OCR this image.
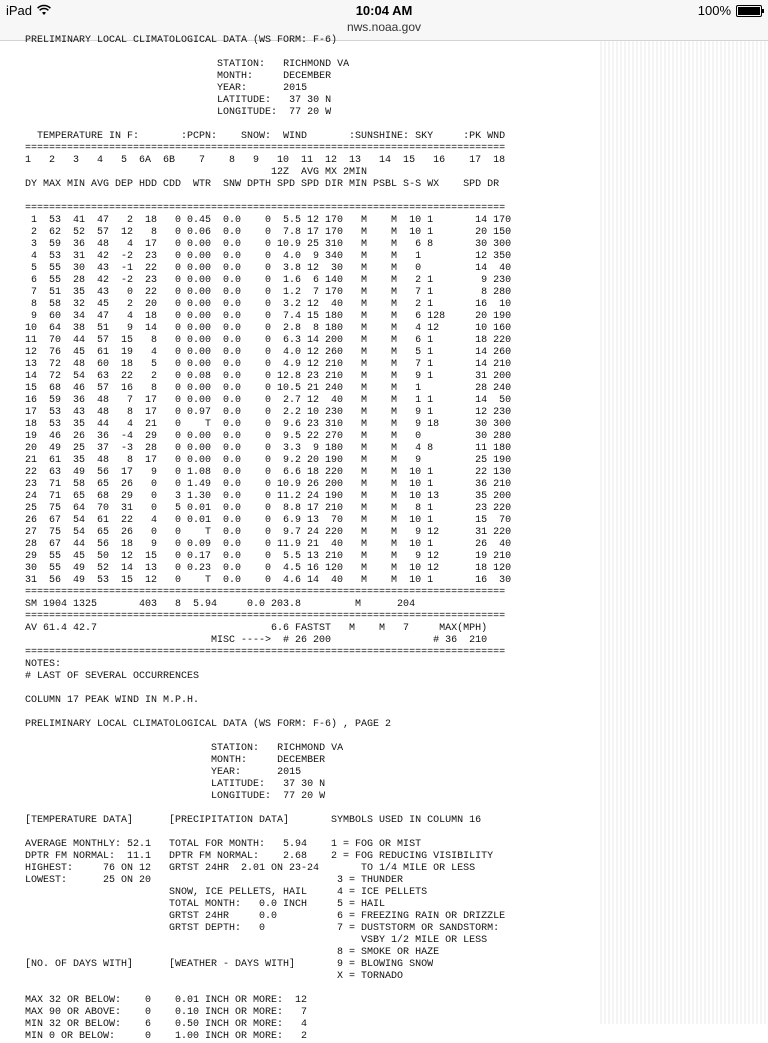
iPad	10:04 AM	100%
nws.noaa.gov
PRELIMINARY LOCAL CLIMATOLOGICAL DATA (WS FORM: F-6)

STATION: RICHMOND VA
MONTH:	DECEMBER
YEAR:	2015
LATITUDE: 37 30 N
LONGITUDE: 77 20 W

TEMPERATURE IN F:       :PCPN:    SNOW:  WIND       :SUNSHINE: SKY     :PK WND
================================================================================
1   2   3   4   5  6A  6B    7    8   9   10  11  12  13   14  15   16    17  18
12Z  AVG MX 2MIN
DY MAX MIN AVG DEP HDD CDD  WTR  SNW DPTH SPD SPD DIR MIN PSBL S-S WX    SPD DR

================================================================================
1  53  41  47   2  18   0 0.45  0.0    0  5.5 12 170   M    M  10 1       14 170
2  62  52  57  12   8   0 0.06  0.0    0  7.8 17 170   M    M  10 1       20 150
3  59  36  48   4  17   0 0.00  0.0    0 10.9 25 310   M    M   6 8       30 300
4  53  31  42  -2  23   0 0.00  0.0    0  4.0  9 340   M    M   1         12 350
5  55  30  43  -1  22   0 0.00  0.0    0  3.8 12  30   M    M   0         14  40
6  55  28  42  -2  23   0 0.00  0.0    0  1.6  6 140   M    M   2 1        9 230
7  51  35  43   0  22   0 0.00  0.0    0  1.2  7 170   M    M   7 1        8 280
8  58  32  45   2  20   0 0.00  0.0    0  3.2 12  40   M    M   2 1       16  10
9  60  34  47   4  18   0 0.00  0.0    0  7.4 15 180   M    M   6 128     20 190
10  64  38  51   9  14   0 0.00  0.0    0  2.8  8 180   M    M   4 12      10 160
11  70  44  57  15   8   0 0.00  0.0    0  6.3 14 200   M    M   6 1       18 220
12  76  45  61  19   4   0 0.00  0.0    0  4.0 12 260   M    M   5 1       14 260
13  72  48  60  18   5   0 0.00  0.0    0  4.9 12 210   M    M   7 1       14 210
14  72  54  63  22   2   0 0.08  0.0    0 12.8 23 210   M    M   9 1       31 200
15  68  46  57  16   8   0 0.00  0.0    0 10.5 21 240   M    M   1         28 240
16  59  36  48   7  17   0 0.00  0.0    0  2.7 12  40   M    M   1 1       14  50
17  53  43  48   8  17   0 0.97  0.0    0  2.2 10 230   M    M   9 1       12 230
18  53  35  44   4  21   0    T  0.0    0  9.6 23 310   M    M   9 18      30 300
19  46  26  36  -4  29   0 0.00  0.0    0  9.5 22 270   M    M   0         30 280
20  49  25  37  -3  28   0 0.00  0.0    0  3.3  9 180   M    M   4 8       11 180
21  61  35  48   8  17   0 0.00  0.0    0  9.2 20 190   M    M   9         25 190
22  63  49  56  17   9   0 1.08  0.0    0  6.6 18 220   M    M  10 1       22 130
23  71  58  65  26   0   0 1.49  0.0    0 10.9 26 200   M    M  10 1       36 210
24  71  65  68  29   0   3 1.30  0.0    0 11.2 24 190   M    M  10 13      35 200
25  75  64  70  31   0   5 0.01  0.0    0  8.8 17 210   M    M   8 1       23 220
26  67  54  61  22   4   0 0.01  0.0    0  6.9 13  70   M    M  10 1       15  70
27  75  54  65  26   0   0    T  0.0    0  9.7 24 220   M    M   9 12      31 220
28  67  44  56  18   9   0 0.09  0.0    0 11.9 21  40   M    M  10 1       26  40
29  55  45  50  12  15   0 0.17  0.0    0  5.5 13 210   M    M   9 12      19 210
30  55  49  52  14  13   0 0.23  0.0    0  4.5 16 120   M    M  10 12      18 120
31  56  49  53  15  12   0    T  0.0    0  4.6 14  40   M    M  10 1       16  30
================================================================================
SM 1904 1325       403   8  5.94     0.0 203.8         M      204
================================================================================
AV 61.4 42.7                             6.6 FASTST   M    M   7     MAX(MPH)
MISC ---->  # 26 200                 # 36  210
================================================================================
NOTES:
# LAST OF SEVERAL OCCURRENCES

COLUMN 17 PEAK WIND IN M.P.H.

PRELIMINARY LOCAL CLIMATOLOGICAL DATA (WS FORM: F-6) , PAGE 2

STATION: RICHMOND VA
MONTH:	DECEMBER
YEAR:	2015
LATITUDE: 37 30 N
LONGITUDE: 77 20 W

[TEMPERATURE DATA]      [PRECIPITATION DATA]       SYMBOLS USED IN COLUMN 16

AVERAGE MONTHLY: 52.1   TOTAL FOR MONTH:   5.94    1 = FOG OR MIST
DPTR FM NORMAL:  11.1   DPTR FM NORMAL:    2.68    2 = FOG REDUCING VISIBILITY
HIGHEST:     76 ON 12   GRTST 24HR  2.01 ON 23-24       TO 1/4 MILE OR LESS
LOWEST:      25 ON 20                               3 = THUNDER
SNOW, ICE PELLETS, HAIL     4 = ICE PELLETS
TOTAL MONTH:   0.0 INCH     5 = HAIL
GRTST 24HR     0.0          6 = FREEZING RAIN OR DRIZZLE
GRTST DEPTH:   0            7 = DUSTSTORM OR SANDSTORM:
VSBY 1/2 MILE OR LESS
8 = SMOKE OR HAZE
[NO. OF DAYS WITH]      [WEATHER - DAYS WITH]       9 = BLOWING SNOW
X = TORNADO

MAX 32 OR BELOW:    0    0.01 INCH OR MORE:  12
MAX 90 OR ABOVE:    0    0.10 INCH OR MORE:   7
MIN 32 OR BELOW:    6    0.50 INCH OR MORE:   4
MIN 0 OR BELOW:     0    1.00 INCH OR MORE:   2
